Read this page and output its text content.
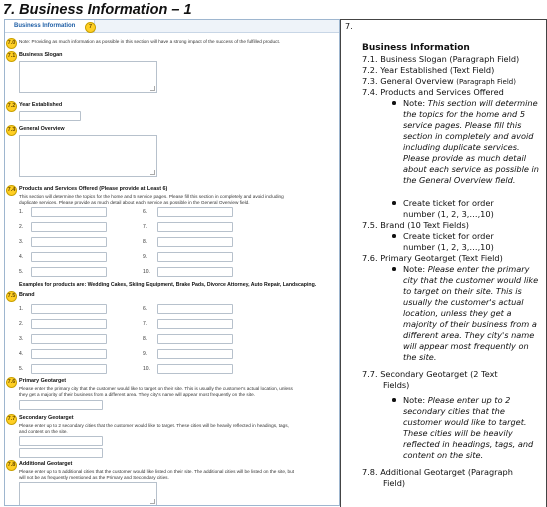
7. Business Information – 1
Business Information	7
7.0 Note: Providing as much information as possible in this section will have a strong impact of the success of the fulfilled product.
7.1 Business Slogan
7.2 Year Established
7.3 General Overview
7.4 Products and Services Offered (Please provide at Least 6)
This section will determine the topics for the home and 5 service pages. Please fill this section in completely and avoid including
duplicate services. Please provide as much detail about each service as possible in the General Overview field.
1.
2.
3.
4.
5.
6.
7.
8.
9.
10.
Examples for products are: Wedding Cakes, Skiing Equipment, Brake Pads, Divorce Attorney, Auto Repair, Landscaping.
7.5 Brand
1.
2.
3.
4.
5.
6.
7.
8.
9.
10.
7.6 Primary Geotarget
Please enter the primary city that the customer would like to target on their site. This is usually the customer's actual location, unless
they get a majority of their business from a different area. They city's name will appear most frequently on the site.
7.7 Secondary Geotarget
Please enter up to 2 secondary cities that the customer would like to target. These cities will be heavily reflected in headings, tags,
and content on the site.
7.8 Additional Geotarget
Please enter up to 5 additional cities that the customer would like listed on their site. The additional cities will be listed on the site, but
will not be as frequently mentioned as the Primary and Secondary cities.
7.
Business Information
7.1. Business Slogan (Paragraph Field)
7.2. Year Established (Text Field)
7.3. General Overview (Paragraph Field)
7.4. Products and Services Offered
Note: This section will determine
the topics for the home and 5
service pages. Please fill this
section in completely and avoid
including duplicate services.
Please provide as much detail
about each service as possible in
the General Overview field.
Create ticket for order
number (1, 2, 3,…,10)
7.5. Brand (10 Text Fields)
Create ticket for order
number (1, 2, 3,…,10)
7.6. Primary Geotarget (Text Field)
Note: Please enter the primary
city that the customer would like
to target on their site. This is
usually the customer's actual
location, unless they get a
majority of their business from a
different area. They city's name
will appear most frequently on
the site.
7.7. Secondary Geotarget (2 Text
Fields)
Note: Please enter up to 2
secondary cities that the
customer would like to target.
These cities will be heavily
reflected in headings, tags, and
content on the site.
7.8. Additional Geotarget (Paragraph
Field)
